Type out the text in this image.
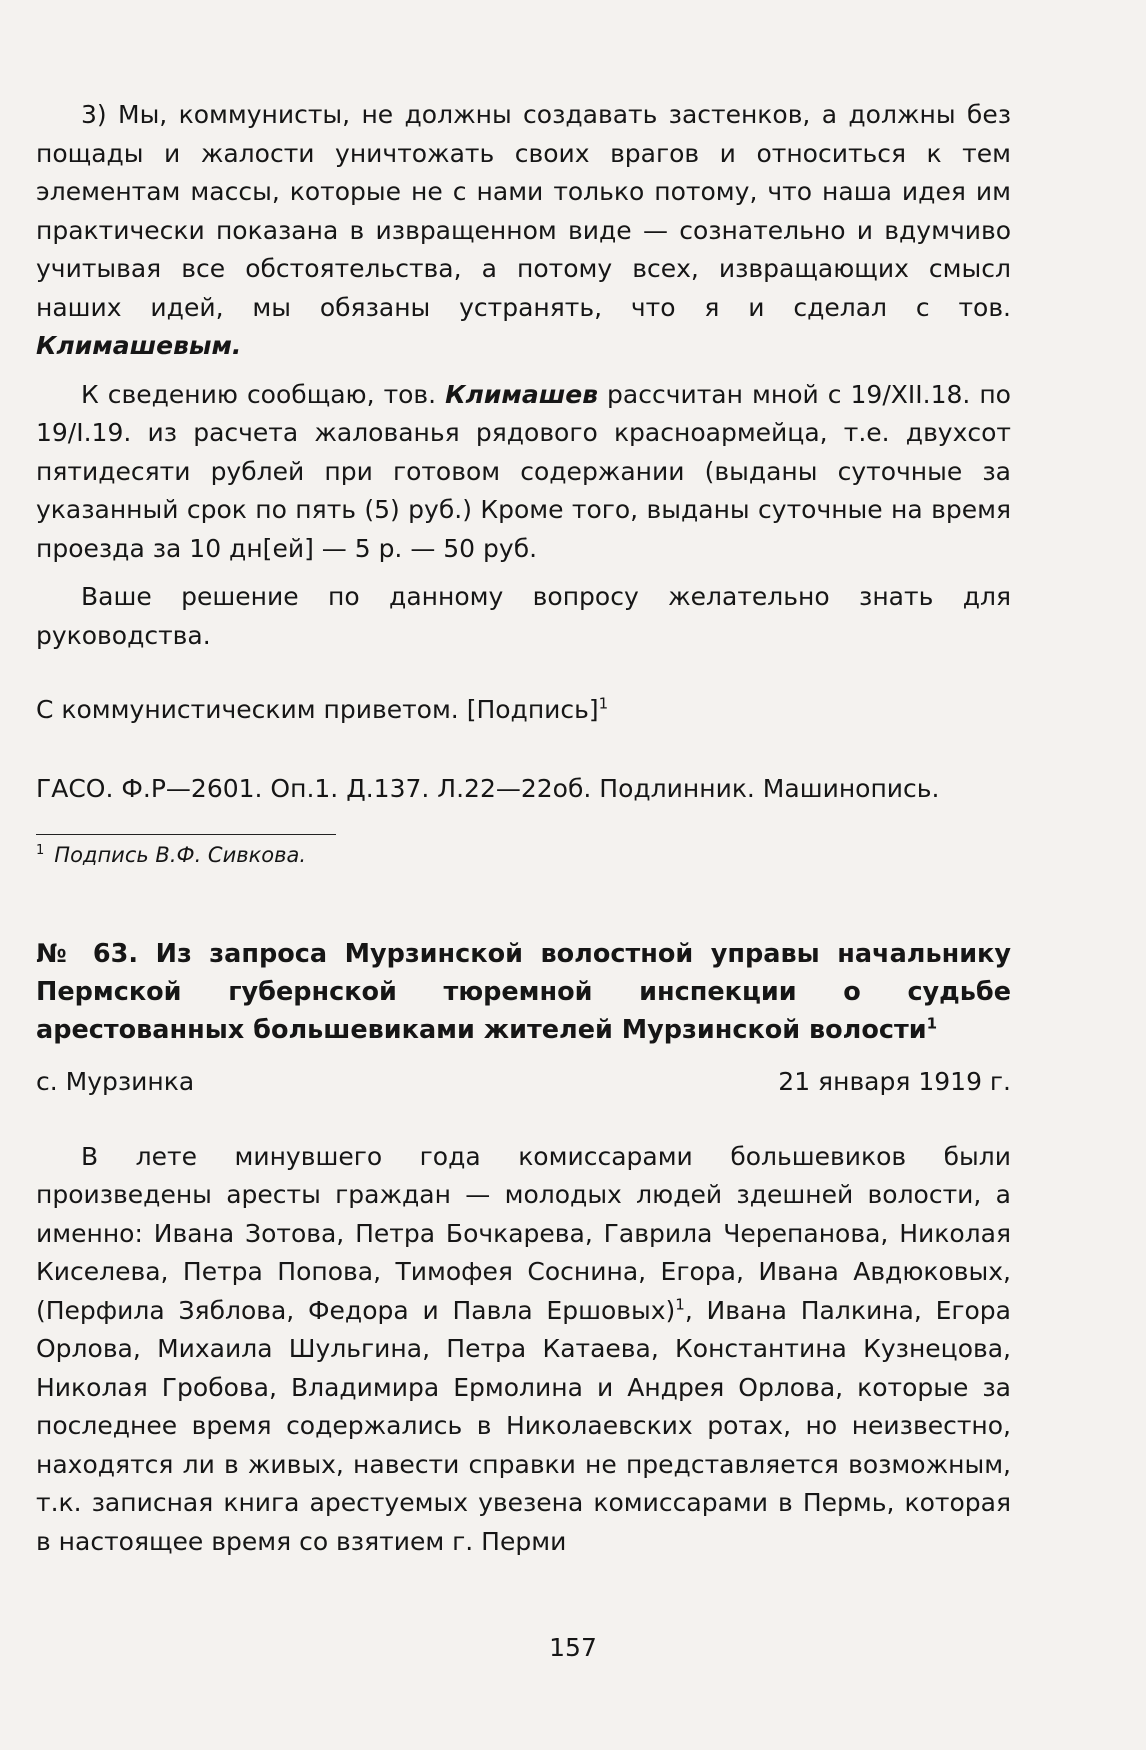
3) Мы, коммунисты, не должны создавать застенков, а должны без пощады и жалости уничтожать своих врагов и относиться к тем элементам массы, которые не с нами только потому, что наша идея им практически показана в извращенном виде — сознательно и вдумчиво учитывая все обстоятельства, а потому всех, извращающих смысл наших идей, мы обязаны устранять, что я и сделал с тов. Климашевым.

К сведению сообщаю, тов. Климашев рассчитан мной с 19/XII.18. по 19/I.19. из расчета жалованья рядового красноармейца, т.е. двухсот пятидесяти рублей при готовом содержании (выданы суточные за указанный срок по пять (5) руб.) Кроме того, выданы суточные на время проезда за 10 дн[ей] — 5 р. — 50 руб.

Ваше решение по данному вопросу желательно знать для руководства.

С коммунистическим приветом. [Подпись]$^1$

ГАСО. Ф.Р—2601. Оп.1. Д.137. Л.22—22об. Подлинник. Машинопись.

$^1$ Подпись В.Ф. Сивкова.

№ 63. Из запроса Мурзинской волостной управы начальнику Пермской губернской тюремной инспекции о судьбе арестованных большевиками жителей Мурзинской волости$^1$

с. Мурзинка	21 января 1919 г.

В лете минувшего года комиссарами большевиков были произведены аресты граждан — молодых людей здешней волости, а именно: Ивана Зотова, Петра Бочкарева, Гаврила Черепанова, Николая Киселева, Петра Попова, Тимофея Соснина, Егора, Ивана Авдюковых, (Перфила Зяблова, Федора и Павла Ершовых)$^1$, Ивана Палкина, Егора Орлова, Михаила Шульгина, Петра Катаева, Константина Кузнецова, Николая Гробова, Владимира Ермолина и Андрея Орлова, которые за последнее время содержались в Николаевских ротах, но неизвестно, находятся ли в живых, навести справки не представляется возможным, т.к. записная книга арестуемых увезена комиссарами в Пермь, которая в настоящее время со взятием г. Перми

157
